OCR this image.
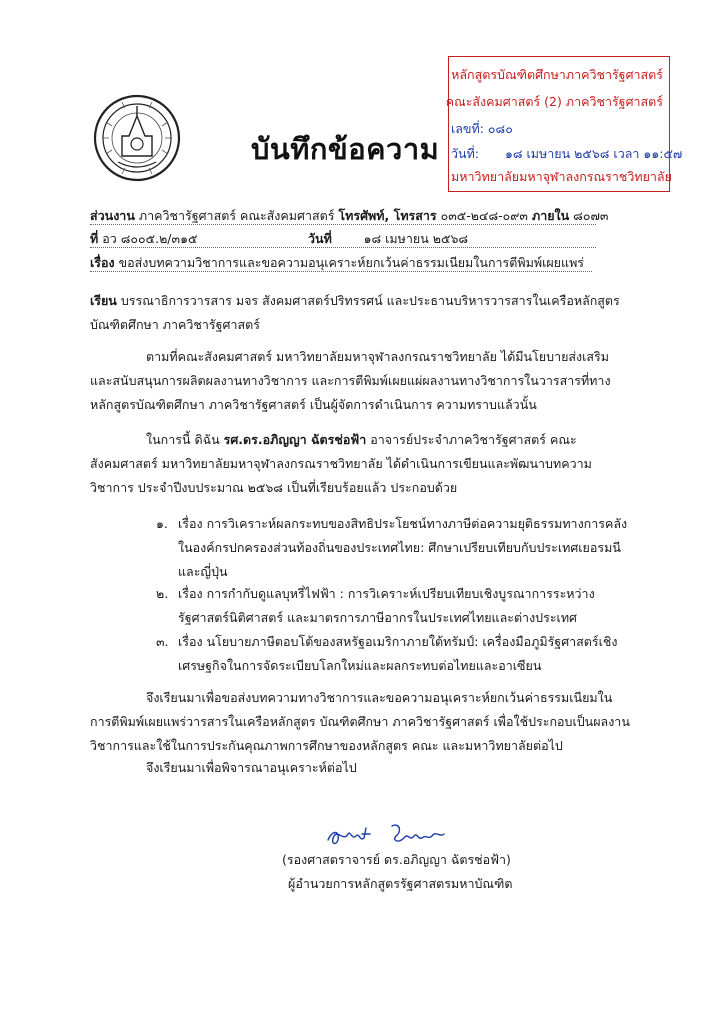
บันทึกข้อความ
หลักสูตรบัณฑิตศึกษาภาควิชารัฐศาสตร์
คณะสังคมศาสตร์ (2) ภาควิชารัฐศาสตร์
เลขที่: ๐๘๐
วันที่: ๑๘ เมษายน ๒๕๖๘ เวลา ๑๑:๕๗
มหาวิทยาลัยมหาจุฬาลงกรณราชวิทยาลัย
ส่วนงาน ภาควิชารัฐศาสตร์ คณะสังคมศาสตร์ โทรศัพท์, โทรสาร ๐๓๕-๒๔๘-๐๙๓ ภายใน ๘๐๗๓
ที่ อว ๘๐๐๕.๒/๓๑๕	วันที่	๑๘ เมษายน ๒๕๖๘
เรื่อง ขอส่งบทความวิชาการและขอความอนุเคราะห์ยกเว้นค่าธรรมเนียมในการตีพิมพ์เผยแพร่
เรียน บรรณาธิการวารสาร มจร สังคมศาสตร์ปริทรรศน์ และประธานบริหารวารสารในเครือหลักสูตรบัณฑิตศึกษา ภาควิชารัฐศาสตร์
ตามที่คณะสังคมศาสตร์ มหาวิทยาลัยมหาจุฬาลงกรณราชวิทยาลัย ได้มีนโยบายส่งเสริมและสนับสนุนการผลิตผลงานทางวิชาการ และการตีพิมพ์เผยแผ่ผลงานทางวิชาการในวารสารที่ทางหลักสูตรบัณฑิตศึกษา ภาควิชารัฐศาสตร์ เป็นผู้จัดการดำเนินการ ความทราบแล้วนั้น
ในการนี้ ดิฉัน รศ.ดร.อภิญญา ฉัตรช่อฟ้า อาจารย์ประจำภาควิชารัฐศาสตร์ คณะสังคมศาสตร์ มหาวิทยาลัยมหาจุฬาลงกรณราชวิทยาลัย ได้ดำเนินการเขียนและพัฒนาบทความวิชาการ ประจำปีงบประมาณ ๒๕๖๘ เป็นที่เรียบร้อยแล้ว ประกอบด้วย
๑. เรื่อง การวิเคราะห์ผลกระทบของสิทธิประโยชน์ทางภาษีต่อความยุติธรรมทางการคลังในองค์กรปกครองส่วนท้องถิ่นของประเทศไทย: ศึกษาเปรียบเทียบกับประเทศเยอรมนีและญี่ปุ่น
๒. เรื่อง การกำกับดูแลบุหรี่ไฟฟ้า : การวิเคราะห์เปรียบเทียบเชิงบูรณาการระหว่างรัฐศาสตร์นิติศาสตร์ และมาตรการภาษีอากรในประเทศไทยและต่างประเทศ
๓. เรื่อง นโยบายภาษีตอบโต้ของสหรัฐอเมริกาภายใต้ทรัมป์: เครื่องมือภูมิรัฐศาสตร์เชิงเศรษฐกิจในการจัดระเบียบโลกใหม่และผลกระทบต่อไทยและอาเซียน
จึงเรียนมาเพื่อขอส่งบทความทางวิชาการและขอความอนุเคราะห์ยกเว้นค่าธรรมเนียมในการตีพิมพ์เผยแพร่วารสารในเครือหลักสูตร บัณฑิตศึกษา ภาควิชารัฐศาสตร์ เพื่อใช้ประกอบเป็นผลงานวิชาการและใช้ในการประกันคุณภาพการศึกษาของหลักสูตร คณะ และมหาวิทยาลัยต่อไป
จึงเรียนมาเพื่อพิจารณาอนุเคราะห์ต่อไป
(รองศาสตราจารย์ ดร.อภิญญา ฉัตรช่อฟ้า)
ผู้อำนวยการหลักสูตรรัฐศาสตรมหาบัณฑิต
